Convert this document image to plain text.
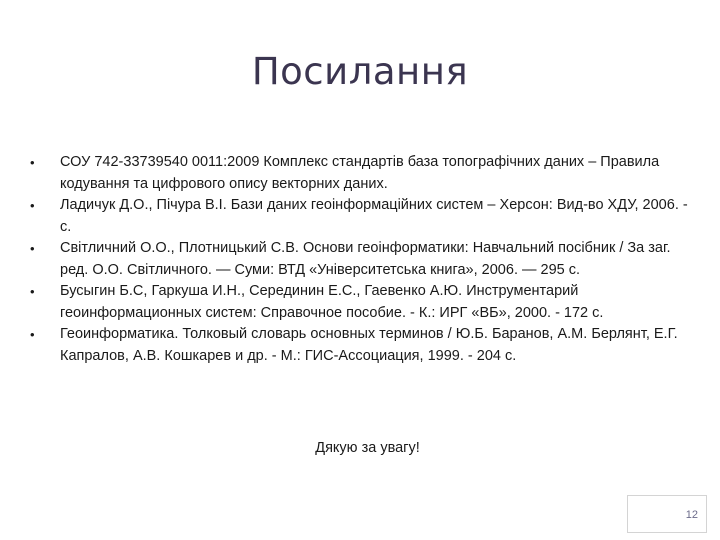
Посилання
• СОУ 742-33739540 0011:2009 Комплекс стандартів база топографічних даних – Правила кодування та цифрового опису векторних даних.
• Ладичук Д.О., Пічура В.І. Бази даних геоінформаційних систем – Херсон: Вид-во ХДУ, 2006. - с.
• Світличний О.О., Плотницький С.В. Основи геоінформатики: Навчальний посібник / За заг. ред. О.О. Світличного. — Суми: ВТД «Університетська книга», 2006. — 295 с.
• Бусыгин Б.С, Гаркуша И.Н., Серединин Е.С., Гаевенко А.Ю. Инструментарий геоинформационных систем: Справочное пособие. - К.: ИРГ «ВБ», 2000. - 172 с.
• Геоинформатика. Толковый словарь основных терминов / Ю.Б. Баранов, А.М. Берлянт, Е.Г. Капралов, А.В. Кошкарев и др. - М.: ГИС-Ассоциация, 1999. - 204 с.
Дякую за увагу!
12
